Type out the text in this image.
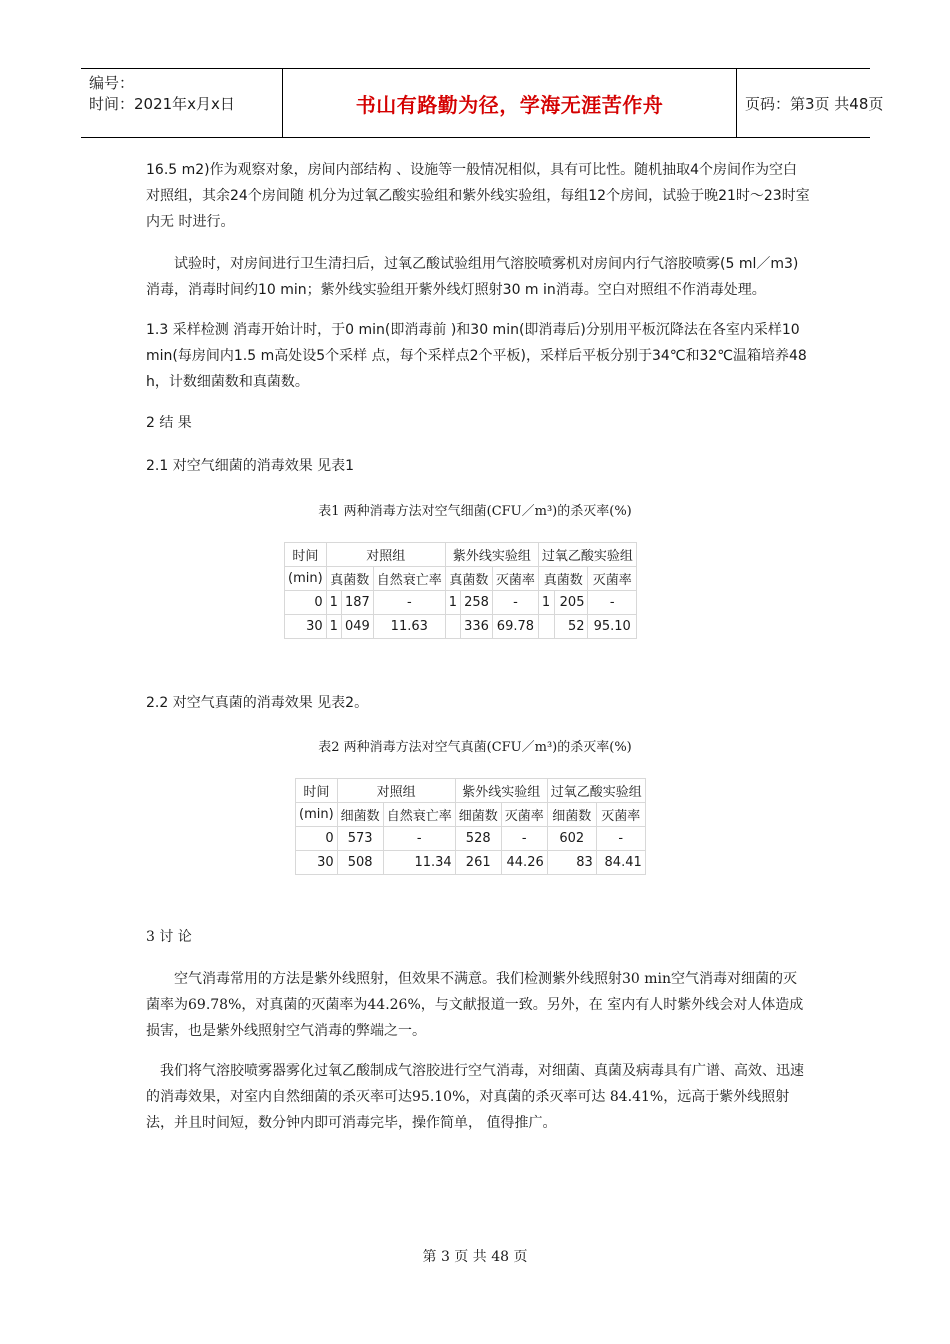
编号：
时间：2021年x月x日	书山有路勤为径，学海无涯苦作舟	页码：第3页 共48页

16.5 m2)作为观察对象，房间内部结构 、设施等一般情况相似，具有可比性。随机抽取4个房间作为空白对照组，其余24个房间随 机分为过氧乙酸实验组和紫外线实验组，每组12个房间，试验于晚21时～23时室内无 时进行。

试验时，对房间进行卫生清扫后，过氧乙酸试验组用气溶胶喷雾机对房间内行气溶胶喷雾(5 ml／m3)消毒，消毒时间约10 min；紫外线实验组开紫外线灯照射30 m in消毒。空白对照组不作消毒处理。

1.3 采样检测 消毒开始计时，于0 min(即消毒前 )和30 min(即消毒后)分别用平板沉降法在各室内采样10 min(每房间内1.5 m高处设5个采样 点，每个采样点2个平板)，采样后平板分别于34℃和32℃温箱培养48 h，计数细菌数和真菌数。

2 结 果
2.1 对空气细菌的消毒效果 见表1
表1 两种消毒方法对空气细菌(CFU／m³)的杀灭率(%)
时间	对照组			紫外线实验组			过氧乙酸实验组		
(min)	真菌数		自然衰亡率	真菌数		灭菌率	真菌数		灭菌率
0	1	187	-	1	258	-	1	205	-
30	1	049	11.63		336	69.78		52	95.10
2.2 对空气真菌的消毒效果 见表2。
表2 两种消毒方法对空气真菌(CFU／m³)的杀灭率(%)
时间	对照组		紫外线实验组		过氧乙酸实验组	
(min)	细菌数	自然衰亡率	细菌数	灭菌率	细菌数	灭菌率
0	573	-	528	-	602	-
30	508	11.34	261	44.26	83	84.41
3 讨 论

空气消毒常用的方法是紫外线照射，但效果不满意。我们检测紫外线照射30 min空气消毒对细菌的灭菌率为69.78%，对真菌的灭菌率为44.26%，与文献报道一致。另外，在 室内有人时紫外线会对人体造成损害，也是紫外线照射空气消毒的弊端之一。

我们将气溶胶喷雾器雾化过氧乙酸制成气溶胶进行空气消毒，对细菌、真菌及病毒具有广谱、高效、迅速的消毒效果，对室内自然细菌的杀灭率可达95.10%，对真菌的杀灭率可达 84.41%，远高于紫外线照射法，并且时间短，数分钟内即可消毒完毕，操作简单， 值得推广。

第 3 页 共 48 页
